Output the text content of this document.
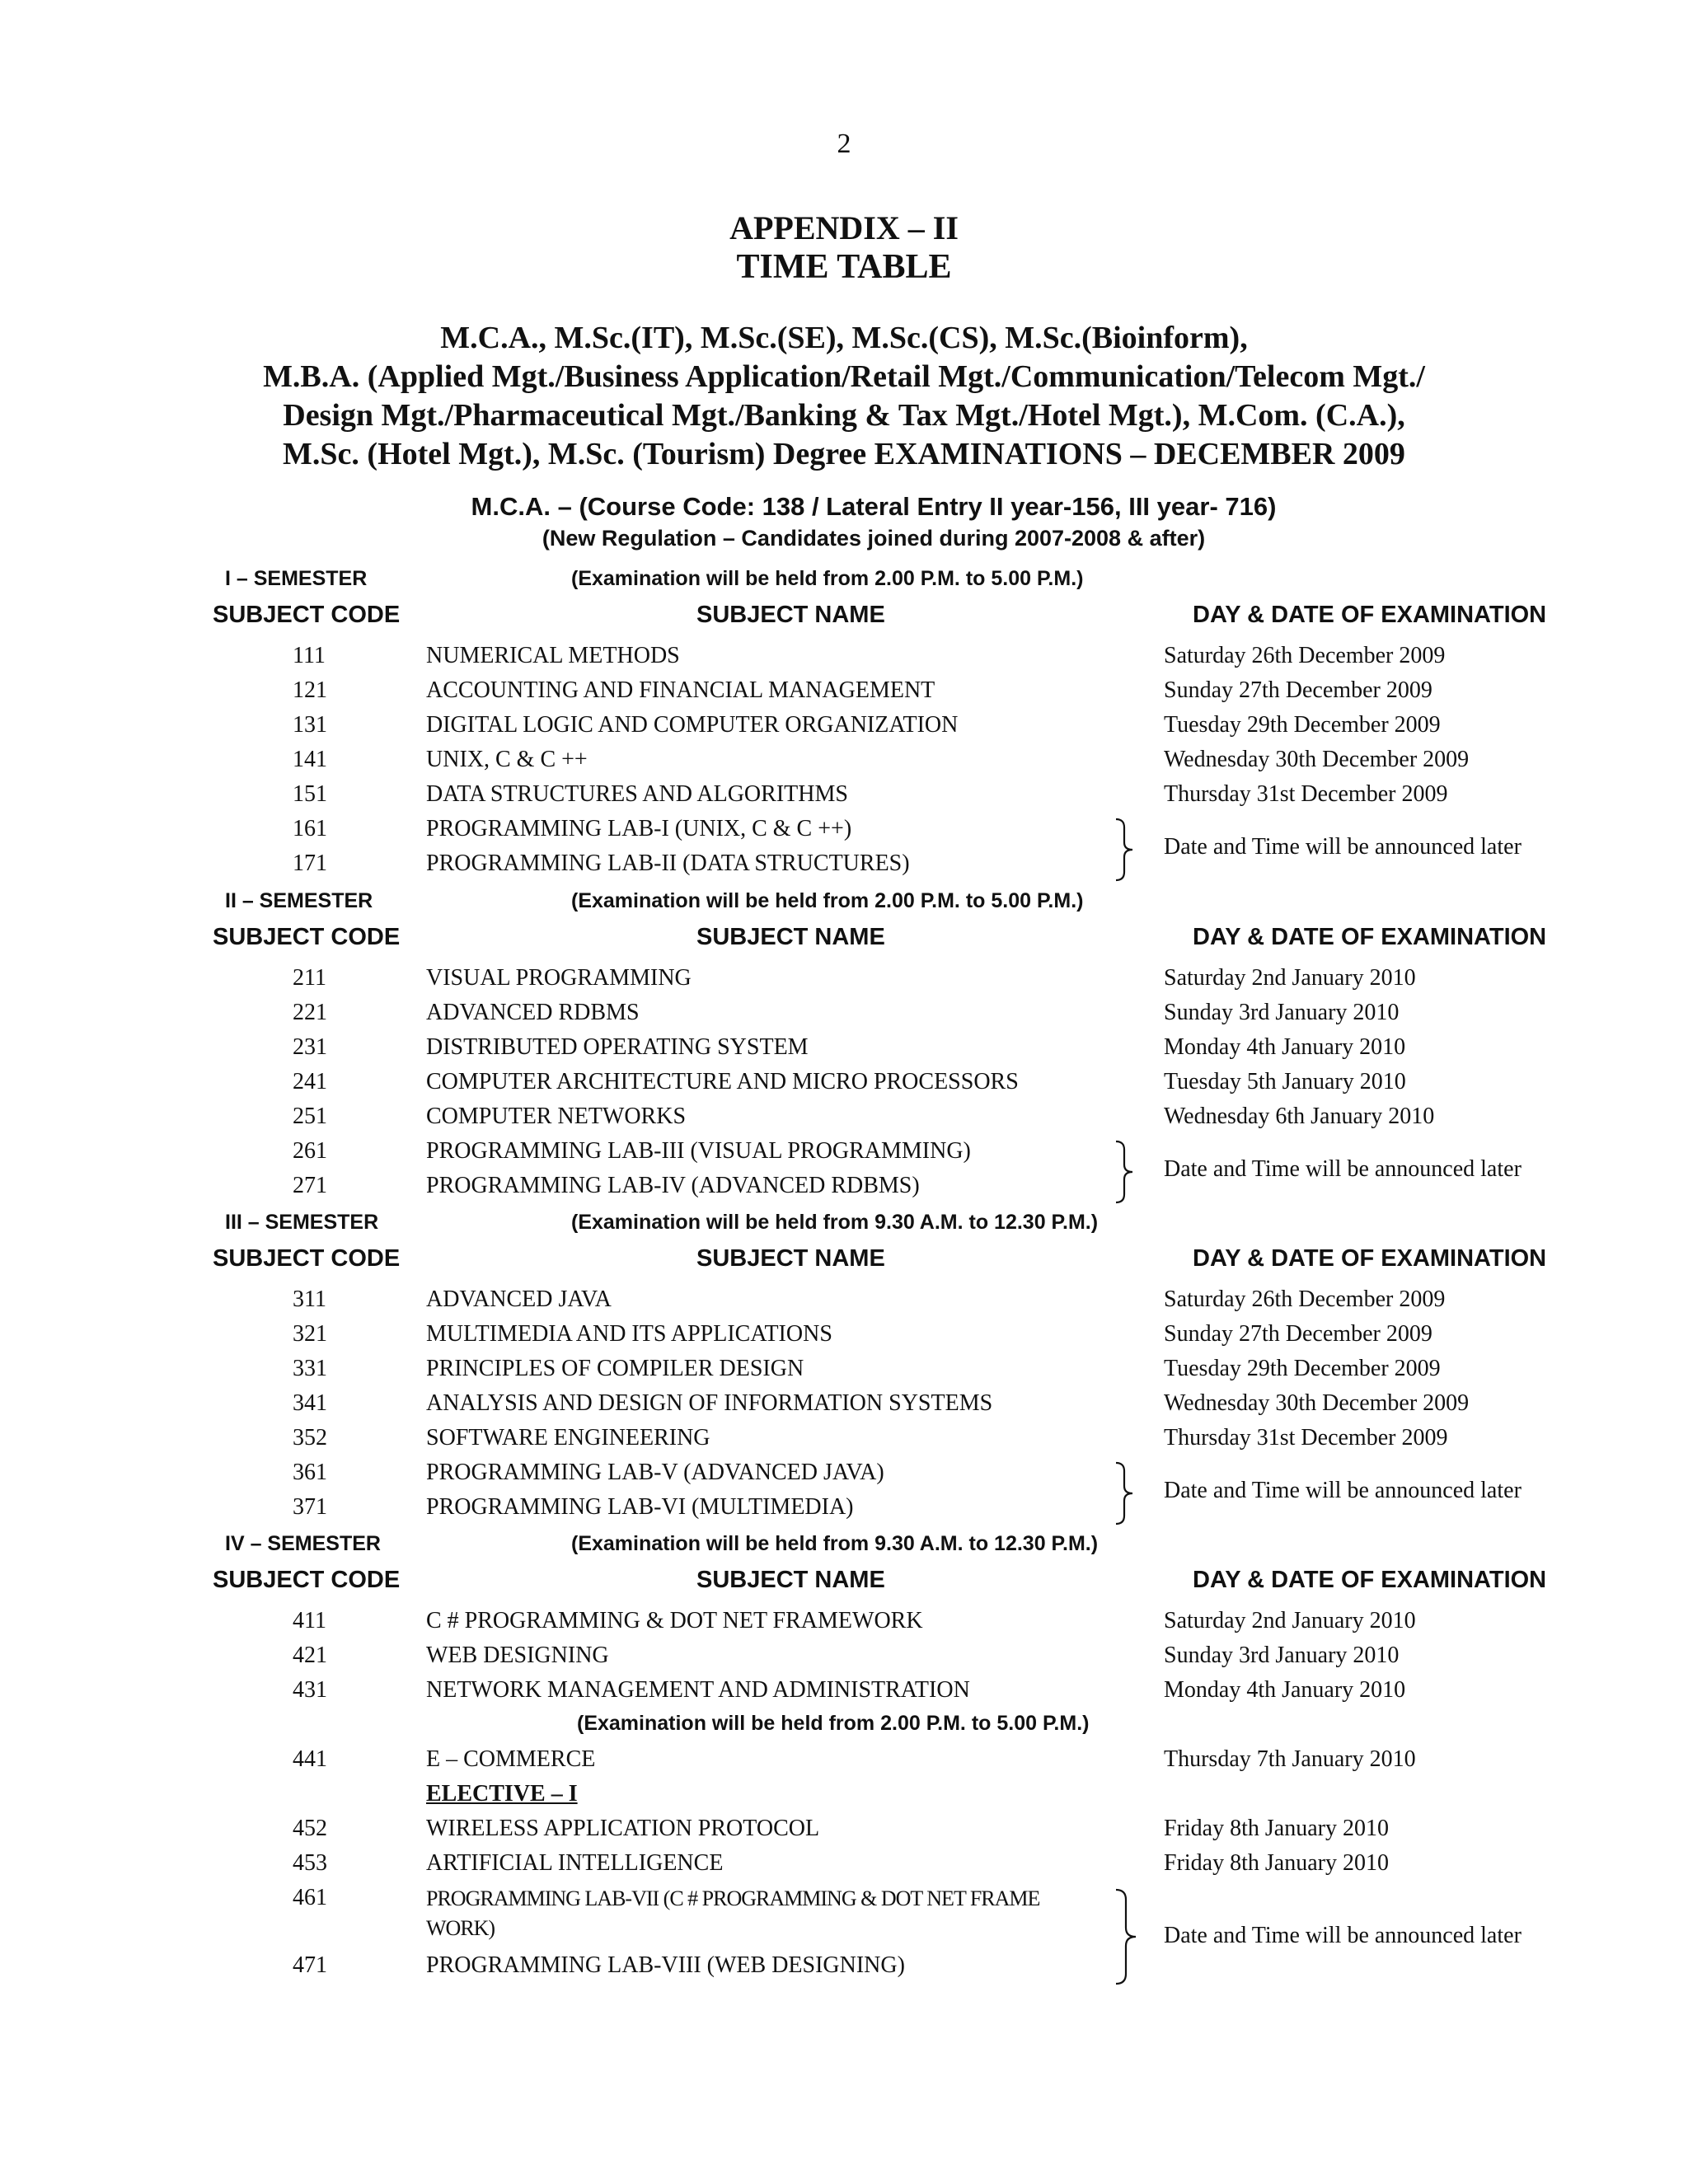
2
APPENDIX – II
TIME TABLE
M.C.A., M.Sc.(IT), M.Sc.(SE), M.Sc.(CS), M.Sc.(Bioinform),
M.B.A. (Applied Mgt./Business Application/Retail Mgt./Communication/Telecom Mgt./
Design Mgt./Pharmaceutical Mgt./Banking & Tax Mgt./Hotel Mgt.), M.Com. (C.A.),
M.Sc. (Hotel Mgt.), M.Sc. (Tourism) Degree EXAMINATIONS – DECEMBER 2009
M.C.A. – (Course Code: 138 / Lateral Entry II year-156, III year- 716)
(New Regulation – Candidates joined during 2007-2008 & after)
I – SEMESTER	(Examination will be held from 2.00 P.M. to 5.00 P.M.)
SUBJECT CODE	SUBJECT NAME	DAY & DATE OF EXAMINATION
111	NUMERICAL METHODS	Saturday 26th December 2009
121	ACCOUNTING AND FINANCIAL MANAGEMENT	Sunday 27th December 2009
131	DIGITAL LOGIC AND COMPUTER ORGANIZATION	Tuesday 29th December 2009
141	UNIX, C & C ++	Wednesday 30th December 2009
151	DATA STRUCTURES AND ALGORITHMS	Thursday 31st December 2009
161	PROGRAMMING LAB-I (UNIX, C & C ++)
171	PROGRAMMING LAB-II (DATA STRUCTURES)
Date and Time will be announced later
II – SEMESTER	(Examination will be held from 2.00 P.M. to 5.00 P.M.)
SUBJECT CODE	SUBJECT NAME	DAY & DATE OF EXAMINATION
211	VISUAL PROGRAMMING	Saturday 2nd January 2010
221	ADVANCED RDBMS	Sunday 3rd January 2010
231	DISTRIBUTED OPERATING SYSTEM	Monday 4th January 2010
241	COMPUTER ARCHITECTURE AND MICRO PROCESSORS	Tuesday 5th January 2010
251	COMPUTER NETWORKS	Wednesday 6th January 2010
261	PROGRAMMING LAB-III (VISUAL PROGRAMMING)
271	PROGRAMMING LAB-IV (ADVANCED RDBMS)
Date and Time will be announced later
III – SEMESTER	(Examination will be held from 9.30 A.M. to 12.30 P.M.)
SUBJECT CODE	SUBJECT NAME	DAY & DATE OF EXAMINATION
311	ADVANCED JAVA	Saturday 26th December 2009
321	MULTIMEDIA AND ITS APPLICATIONS	Sunday 27th December 2009
331	PRINCIPLES OF COMPILER DESIGN	Tuesday 29th December 2009
341	ANALYSIS AND DESIGN OF INFORMATION SYSTEMS	Wednesday 30th December 2009
352	SOFTWARE ENGINEERING	Thursday 31st December 2009
361	PROGRAMMING LAB-V (ADVANCED JAVA)
371	PROGRAMMING LAB-VI (MULTIMEDIA)
Date and Time will be announced later
IV – SEMESTER	(Examination will be held from 9.30 A.M. to 12.30 P.M.)
SUBJECT CODE	SUBJECT NAME	DAY & DATE OF EXAMINATION
411	C # PROGRAMMING & DOT NET FRAMEWORK	Saturday 2nd January 2010
421	WEB DESIGNING	Sunday 3rd January 2010
431	NETWORK MANAGEMENT AND ADMINISTRATION	Monday 4th January 2010
(Examination will be held from 2.00 P.M. to 5.00 P.M.)
441	E – COMMERCE	Thursday 7th January 2010
ELECTIVE – I
452	WIRELESS APPLICATION PROTOCOL	Friday 8th January 2010
453	ARTIFICIAL INTELLIGENCE	Friday 8th January 2010
461	PROGRAMMING LAB-VII (C # PROGRAMMING & DOT NET FRAME
WORK)
471	PROGRAMMING LAB-VIII (WEB DESIGNING)
Date and Time will be announced later
